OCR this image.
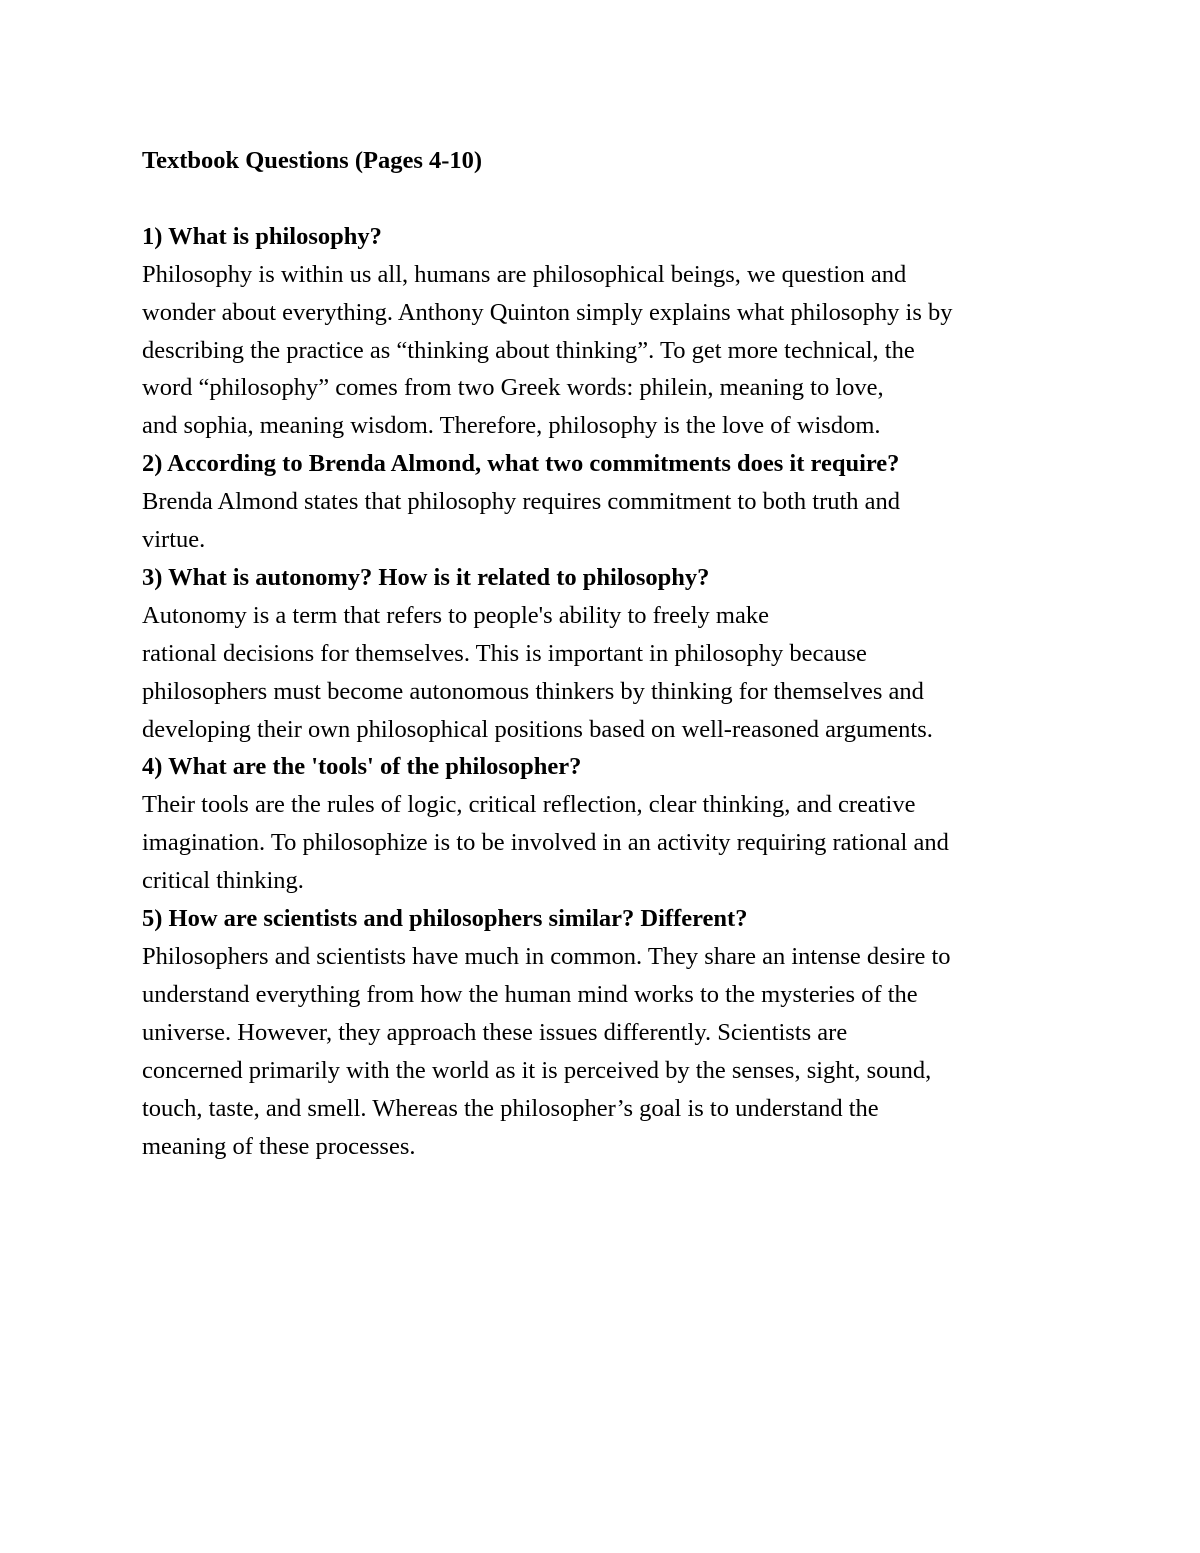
Textbook Questions (Pages 4-10)

1) What is philosophy?

Philosophy is within us all, humans are philosophical beings, we question and

wonder about everything. Anthony Quinton simply explains what philosophy is by

describing the practice as “thinking about thinking”. To get more technical, the

word “philosophy” comes from two Greek words: philein, meaning to love,

and sophia, meaning wisdom. Therefore, philosophy is the love of wisdom.

2) According to Brenda Almond, what two commitments does it require?

Brenda Almond states that philosophy requires commitment to both truth and

virtue.

3) What is autonomy? How is it related to philosophy?

Autonomy is a term that refers to people's ability to freely make

rational decisions for themselves. This is important in philosophy because

philosophers must become autonomous thinkers by thinking for themselves and

developing their own philosophical positions based on well-reasoned arguments.

4) What are the 'tools' of the philosopher?

Their tools are the rules of logic, critical reflection, clear thinking, and creative

imagination. To philosophize is to be involved in an activity requiring rational and

critical thinking.

5) How are scientists and philosophers similar? Different?

Philosophers and scientists have much in common. They share an intense desire to

understand everything from how the human mind works to the mysteries of the

universe. However, they approach these issues differently. Scientists are

concerned primarily with the world as it is perceived by the senses, sight, sound,

touch, taste, and smell. Whereas the philosopher’s goal is to understand the

meaning of these processes.
